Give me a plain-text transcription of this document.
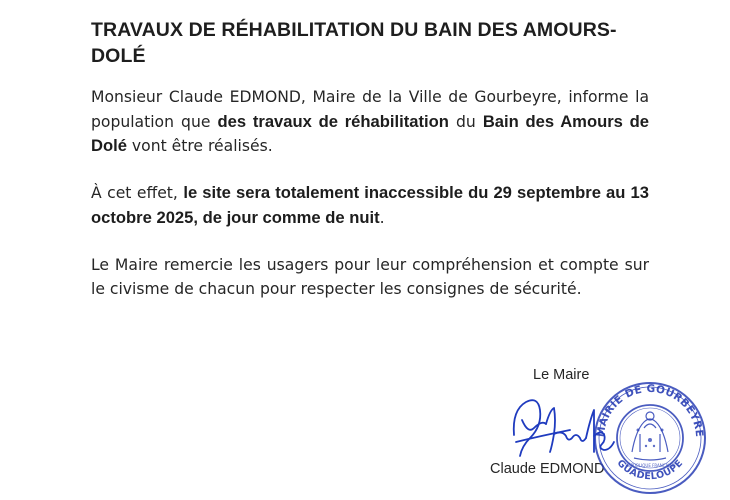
TRAVAUX DE RÉHABILITATION DU BAIN DES AMOURS-DOLÉ

Monsieur Claude EDMOND, Maire de la Ville de Gourbeyre, informe la population que des travaux de réhabilitation du Bain des Amours de Dolé vont être réalisés.

À cet effet, le site sera totalement inaccessible du 29 septembre au 13 octobre 2025, de jour comme de nuit.

Le Maire remercie les usagers pour leur compréhension et compte sur le civisme de chacun pour respecter les consignes de sécurité.

Le Maire
MAIRIE DE GOURBEYRE
GUADELOUPE
RÉPUBLIQUE FRANÇAISE
Claude EDMOND
